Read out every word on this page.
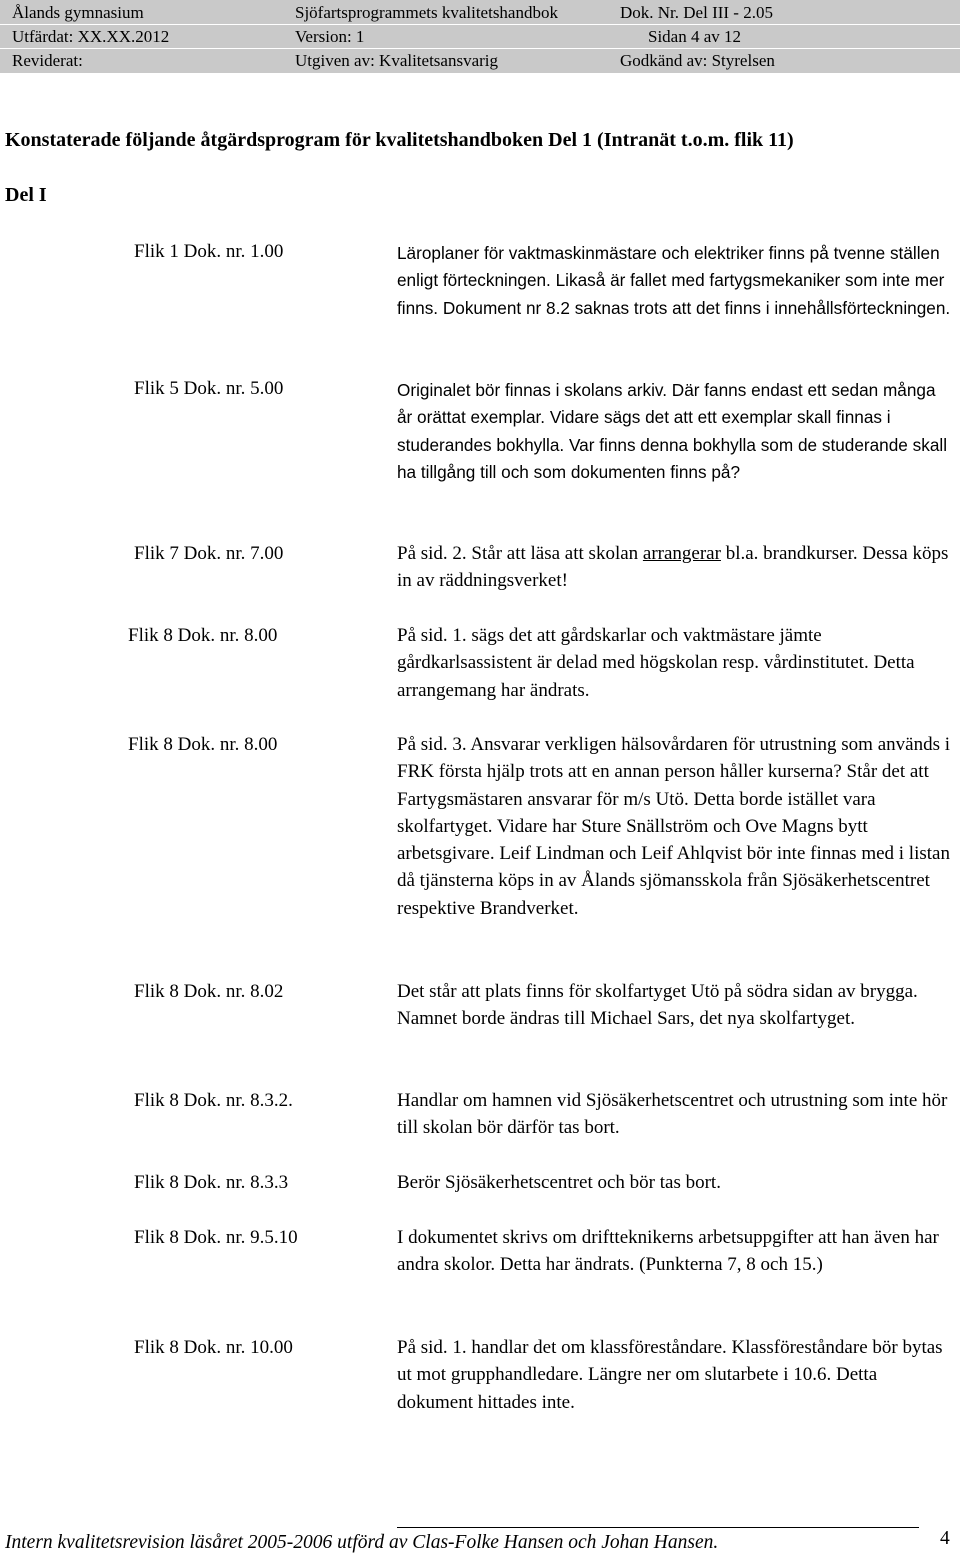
Ålands gymnasium	Sjöfartsprogrammets kvalitetshandbok	Dok. Nr. Del III - 2.05
Utfärdat: XX.XX.2012	Version: 1	Sidan 4 av 12
Reviderat:	Utgiven av: Kvalitetsansvarig	Godkänd av: Styrelsen
Konstaterade följande åtgärdsprogram för kvalitetshandboken Del 1 (Intranät t.o.m. flik 11)
Del I
Flik 1 Dok. nr. 1.00	Läroplaner för vaktmaskinmästare och elektriker finns på tvenne ställen enligt förteckningen. Likaså är fallet med fartygsmekaniker som inte mer finns. Dokument nr 8.2 saknas trots att det finns i innehållsförteckningen.

Flik 5 Dok. nr. 5.00	Originalet bör finnas i skolans arkiv. Där fanns endast ett sedan många år orättat exemplar. Vidare sägs det att ett exemplar skall finnas i studerandes bokhylla. Var finns denna bokhylla som de studerande skall ha tillgång till och som dokumenten finns på?

Flik 7 Dok. nr. 7.00	På sid. 2. Står att läsa att skolan arrangerar bl.a. brandkurser. Dessa köps in av räddningsverket!

Flik 8 Dok. nr. 8.00	På sid. 1. sägs det att gårdskarlar och vaktmästare jämte gårdkarlsassistent är delad med högskolan resp. vårdinstitutet. Detta arrangemang har ändrats.

Flik 8 Dok. nr. 8.00	På sid. 3. Ansvarar verkligen hälsovårdaren för utrustning som används i FRK första hjälp trots att en annan person håller kurserna? Står det att Fartygsmästaren ansvarar för m/s Utö. Detta borde istället vara skolfartyget. Vidare har Sture Snällström och Ove Magns bytt arbetsgivare. Leif Lindman och Leif Ahlqvist bör inte finnas med i listan då tjänsterna köps in av Ålands sjömansskola från Sjösäkerhetscentret respektive Brandverket.

Flik 8 Dok. nr. 8.02	Det står att plats finns för skolfartyget Utö på södra sidan av brygga. Namnet borde ändras till Michael Sars, det nya skolfartyget.

Flik 8 Dok. nr. 8.3.2.	Handlar om hamnen vid Sjösäkerhetscentret och utrustning som inte hör till skolan bör därför tas bort.

Flik 8 Dok. nr. 8.3.3	Berör Sjösäkerhetscentret och bör tas bort.

Flik 8 Dok. nr. 9.5.10	I dokumentet skrivs om driftteknikerns arbetsuppgifter att han även har andra skolor. Detta har ändrats. (Punkterna 7, 8 och 15.)

Flik 8 Dok. nr. 10.00	På sid. 1. handlar det om klassföreståndare. Klassföreståndare bör bytas ut mot grupphandledare. Längre ner om slutarbete i 10.6. Detta dokument hittades inte.

Intern kvalitetsrevision läsåret 2005-2006 utförd av Clas-Folke Hansen och Johan Hansen.	4
